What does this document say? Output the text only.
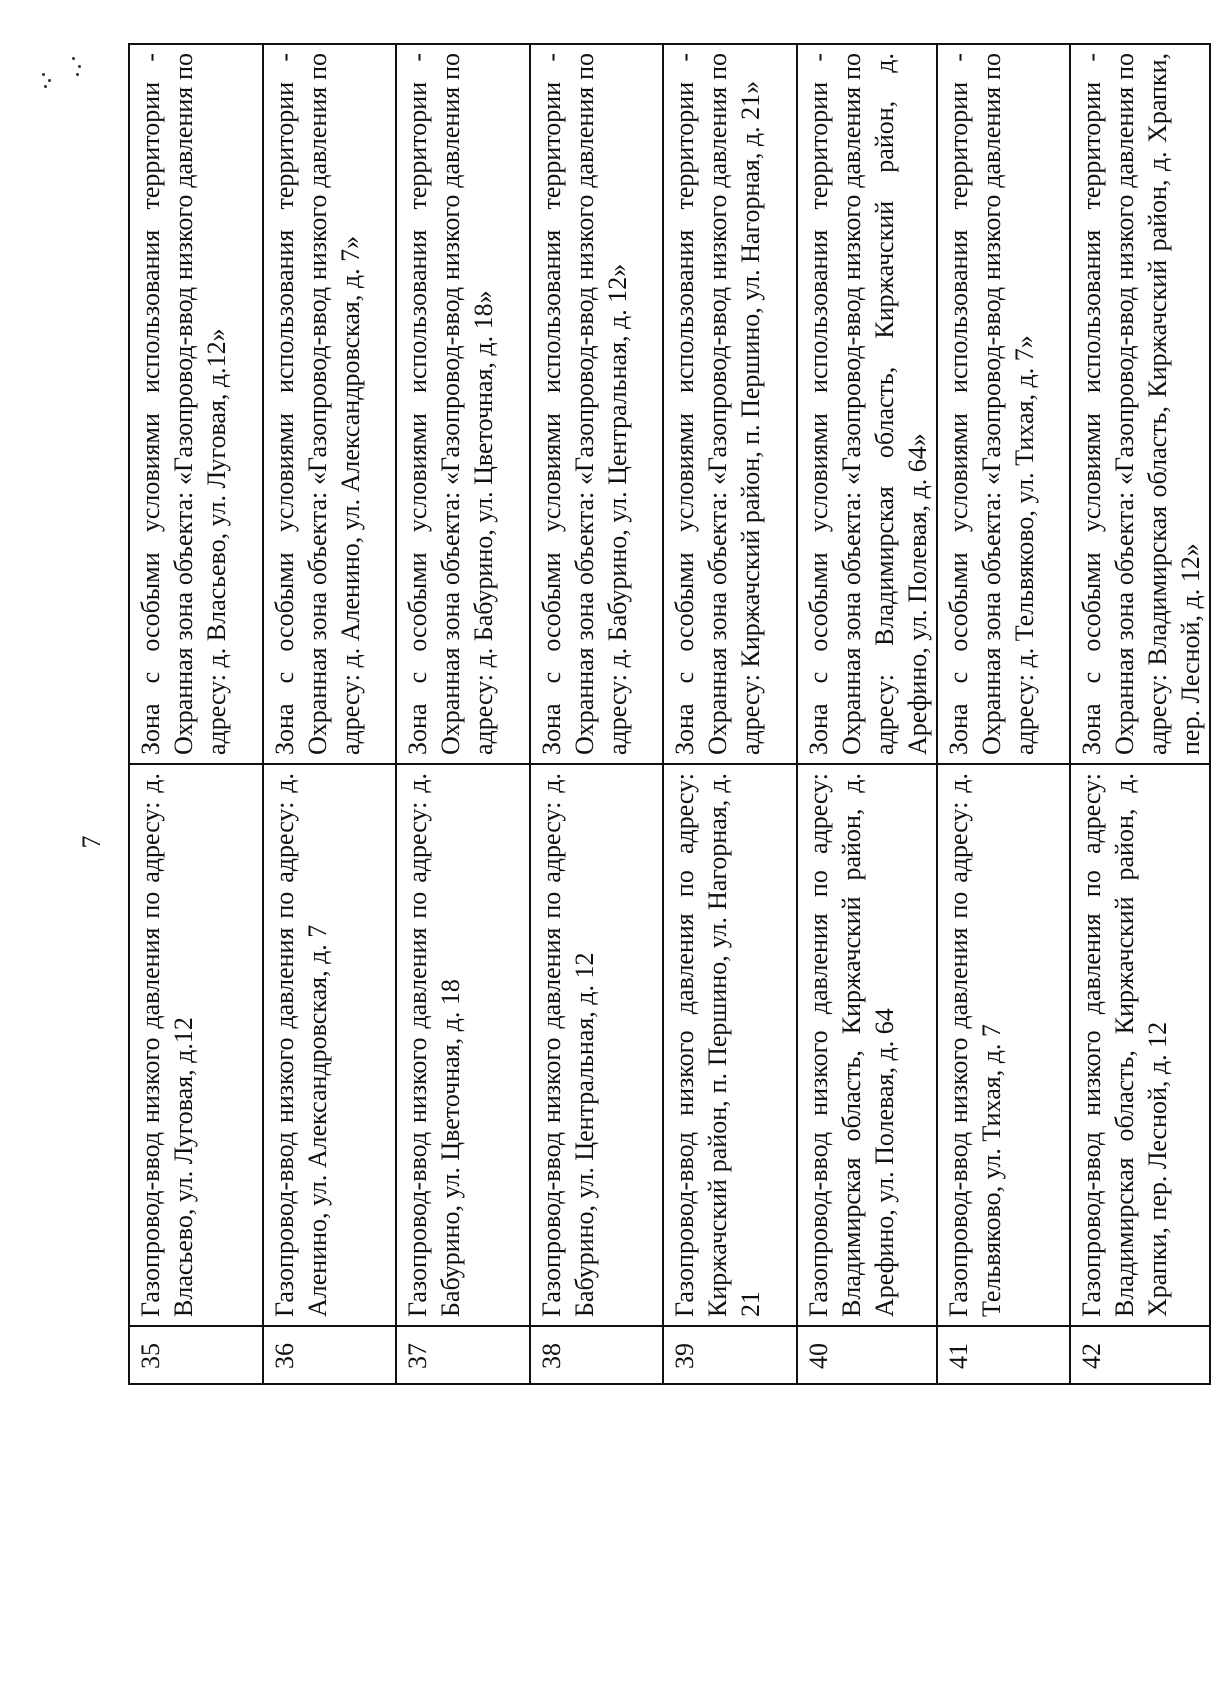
7
35	Газопровод-ввод низкого давления по адресу: д. Власьево, ул. Луговая, д.12	Зона с особыми условиями использования территории - Охранная зона объекта: «Газопровод-ввод низкого давления по адресу: д. Власьево, ул. Луговая, д.12»
36	Газопровод-ввод низкого давления по адресу: д. Аленино, ул. Александровская, д. 7	Зона с особыми условиями использования территории - Охранная зона объекта: «Газопровод-ввод низкого давления по адресу: д. Аленино, ул. Александровская, д. 7»
37	Газопровод-ввод низкого давления по адресу: д. Бабурино, ул. Цветочная, д. 18	Зона с особыми условиями использования территории - Охранная зона объекта: «Газопровод-ввод низкого давления по адресу: д. Бабурино, ул. Цветочная, д. 18»
38	Газопровод-ввод низкого давления по адресу: д. Бабурино, ул. Центральная, д. 12	Зона с особыми условиями использования территории - Охранная зона объекта: «Газопровод-ввод низкого давления по адресу: д. Бабурино, ул. Центральная, д. 12»
39	Газопровод-ввод низкого давления по адресу: Киржачский район, п. Першино, ул. Нагорная, д. 21	Зона с особыми условиями использования территории - Охранная зона объекта: «Газопровод-ввод низкого давления по адресу: Киржачский район, п. Першино, ул. Нагорная, д. 21»
40	Газопровод-ввод низкого давления по адресу: Владимирская область, Киржачский район, д. Арефино, ул. Полевая, д. 64	Зона с особыми условиями использования территории - Охранная зона объекта: «Газопровод-ввод низкого давления по адресу: Владимирская область, Киржачский район, д. Арефино, ул. Полевая, д. 64»
41	Газопровод-ввод низкого давления по адресу: д. Тельвяково, ул. Тихая, д. 7	Зона с особыми условиями использования территории - Охранная зона объекта: «Газопровод-ввод низкого давления по адресу: д. Тельвяково, ул. Тихая, д. 7»
42	Газопровод-ввод низкого давления по адресу: Владимирская область, Киржачский район, д. Храпки, пер. Лесной, д. 12	Зона с особыми условиями использования территории - Охранная зона объекта: «Газопровод-ввод низкого давления по адресу: Владимирская область, Киржачский район, д. Храпки, пер. Лесной, д. 12»
